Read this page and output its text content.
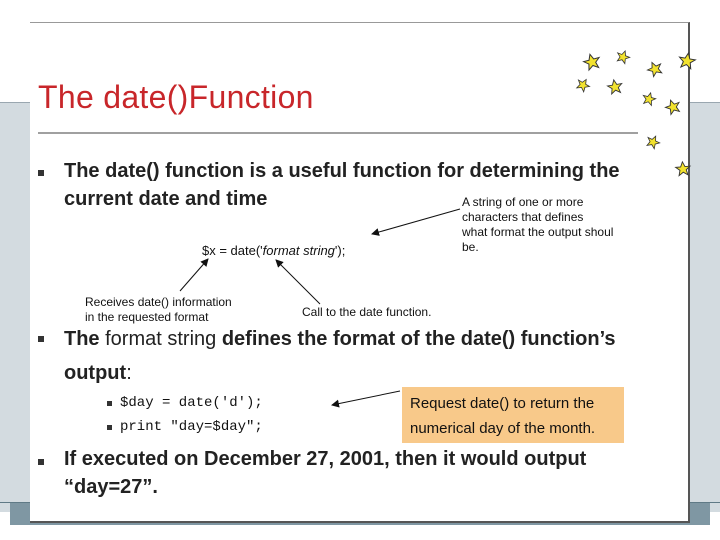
The date()Function
The date() function is a useful function for determining the
current date and time	A string of one or more
characters that defines
what format the output shoul
be.
$x = date('format string');
Receives date() information
in the requested format	Call to the date function.
The format string defines the format of the date() function’s
output:
$day = date('d');
print "day=$day";
Request date() to return the
numerical day of the month.
If executed on December 27, 2001, then it would output
“day=27”.
